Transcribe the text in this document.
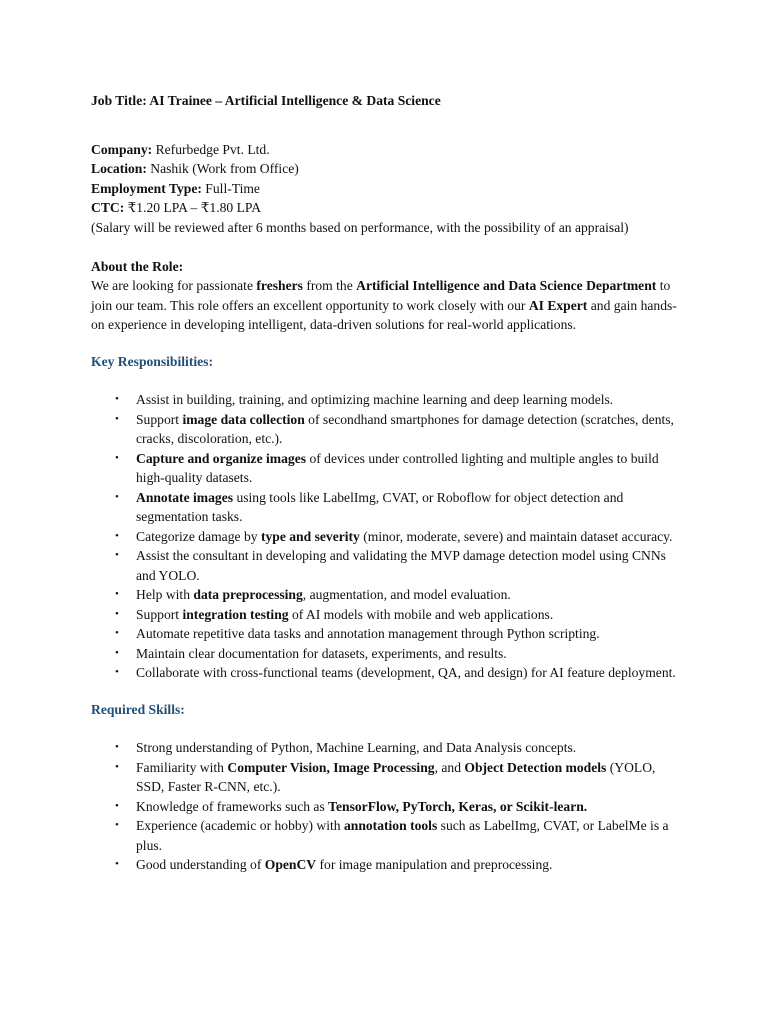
Job Title: AI Trainee – Artificial Intelligence & Data Science

Company: Refurbedge Pvt. Ltd.
Location: Nashik (Work from Office)
Employment Type: Full-Time
CTC: ₹1.20 LPA – ₹1.80 LPA
(Salary will be reviewed after 6 months based on performance, with the possibility of an appraisal)

About the Role:

We are looking for passionate freshers from the Artificial Intelligence and Data Science Department to join our team. This role offers an excellent opportunity to work closely with our AI Expert and gain hands-on experience in developing intelligent, data-driven solutions for real-world applications.

Key Responsibilities:

• Assist in building, training, and optimizing machine learning and deep learning models.
• Support image data collection of secondhand smartphones for damage detection (scratches, dents, cracks, discoloration, etc.).
• Capture and organize images of devices under controlled lighting and multiple angles to build high-quality datasets.
• Annotate images using tools like LabelImg, CVAT, or Roboflow for object detection and segmentation tasks.
• Categorize damage by type and severity (minor, moderate, severe) and maintain dataset accuracy.
• Assist the consultant in developing and validating the MVP damage detection model using CNNs and YOLO.
• Help with data preprocessing, augmentation, and model evaluation.
• Support integration testing of AI models with mobile and web applications.
• Automate repetitive data tasks and annotation management through Python scripting.
• Maintain clear documentation for datasets, experiments, and results.
• Collaborate with cross-functional teams (development, QA, and design) for AI feature deployment.

Required Skills:

• Strong understanding of Python, Machine Learning, and Data Analysis concepts.
• Familiarity with Computer Vision, Image Processing, and Object Detection models (YOLO, SSD, Faster R-CNN, etc.).
• Knowledge of frameworks such as TensorFlow, PyTorch, Keras, or Scikit-learn.
• Experience (academic or hobby) with annotation tools such as LabelImg, CVAT, or LabelMe is a plus.
• Good understanding of OpenCV for image manipulation and preprocessing.
